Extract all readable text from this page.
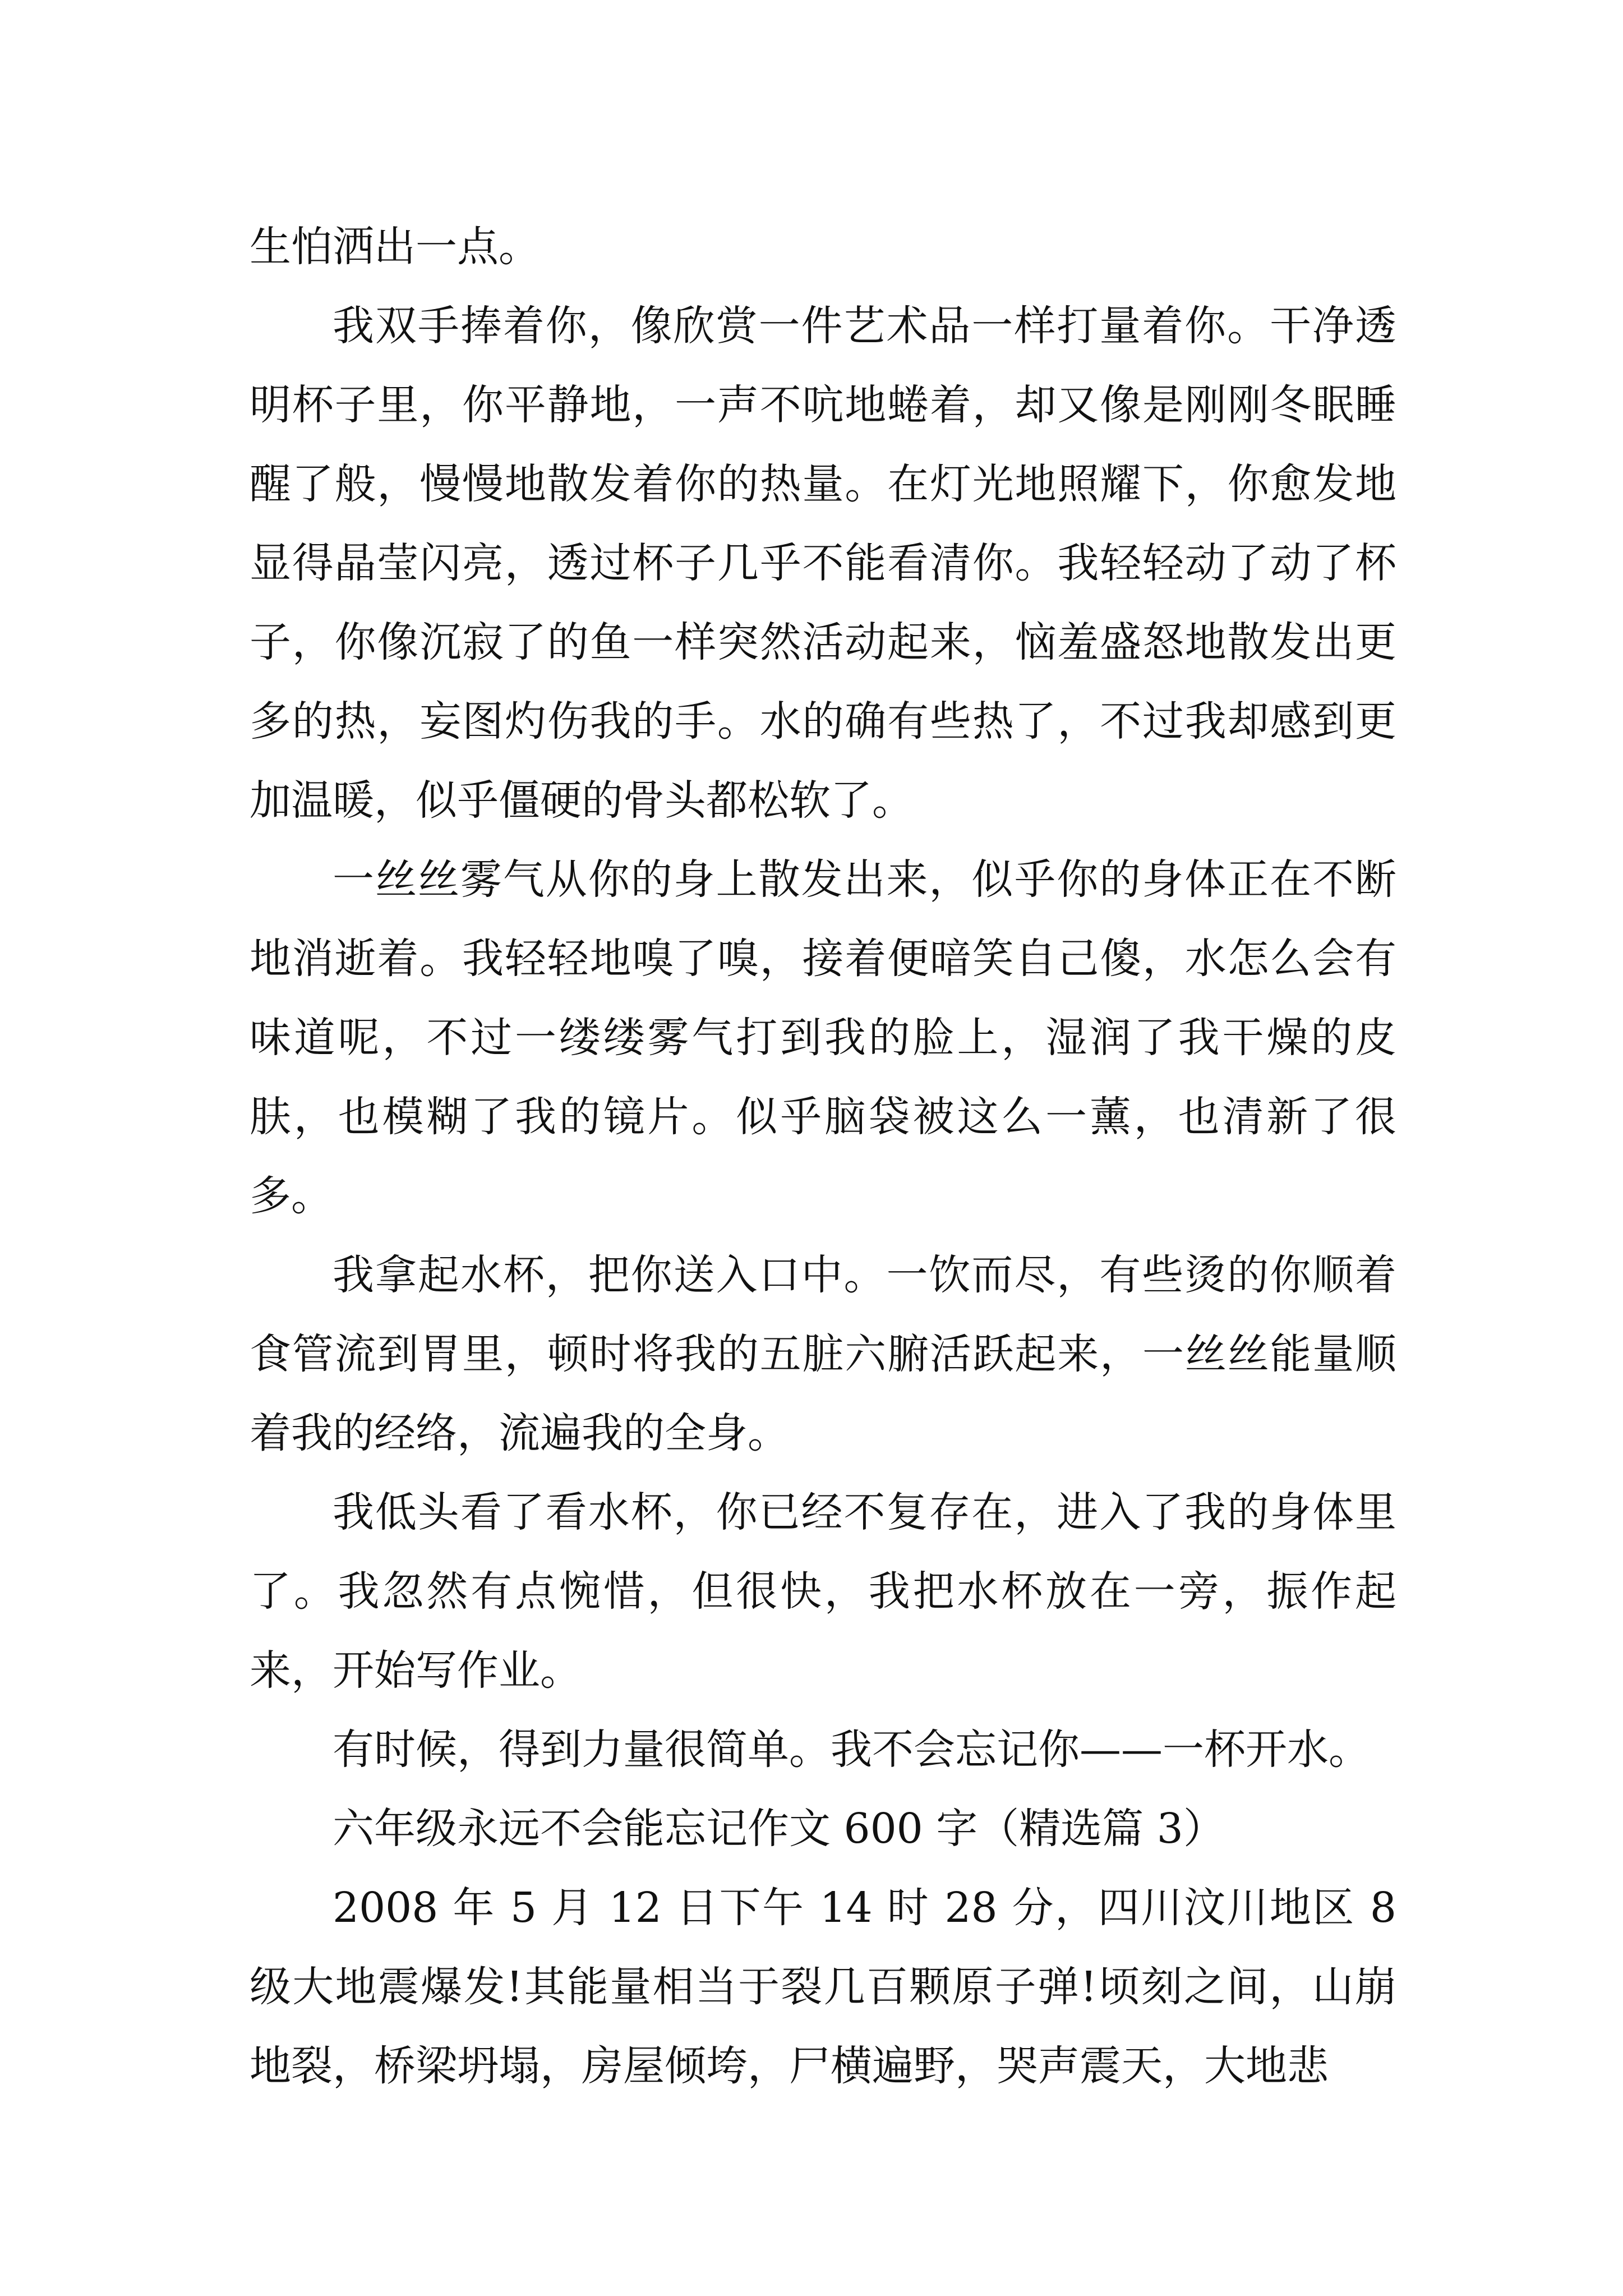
生怕洒出一点。

我双手捧着你，像欣赏一件艺术品一样打量着你。干净透明杯子里，你平静地，一声不吭地蜷着，却又像是刚刚冬眠睡醒了般，慢慢地散发着你的热量。在灯光地照耀下，你愈发地显得晶莹闪亮，透过杯子几乎不能看清你。我轻轻动了动了杯子，你像沉寂了的鱼一样突然活动起来，恼羞盛怒地散发出更多的热，妄图灼伤我的手。水的确有些热了，不过我却感到更加温暖，似乎僵硬的骨头都松软了。

一丝丝雾气从你的身上散发出来，似乎你的身体正在不断地消逝着。我轻轻地嗅了嗅，接着便暗笑自己傻，水怎么会有味道呢，不过一缕缕雾气打到我的脸上，湿润了我干燥的皮肤，也模糊了我的镜片。似乎脑袋被这么一薰，也清新了很多。

我拿起水杯，把你送入口中。一饮而尽，有些烫的你顺着食管流到胃里，顿时将我的五脏六腑活跃起来，一丝丝能量顺着我的经络，流遍我的全身。

我低头看了看水杯，你已经不复存在，进入了我的身体里了。我忽然有点惋惜，但很快，我把水杯放在一旁，振作起来，开始写作业。

有时候，得到力量很简单。我不会忘记你——一杯开水。

六年级永远不会能忘记作文 600 字（精选篇 3）

2008 年 5 月 12 日下午 14 时 28 分，四川汶川地区 8 级大地震爆发!其能量相当于裂几百颗原子弹!顷刻之间，山崩地裂，桥梁坍塌，房屋倾垮，尸横遍野，哭声震天，大地悲
